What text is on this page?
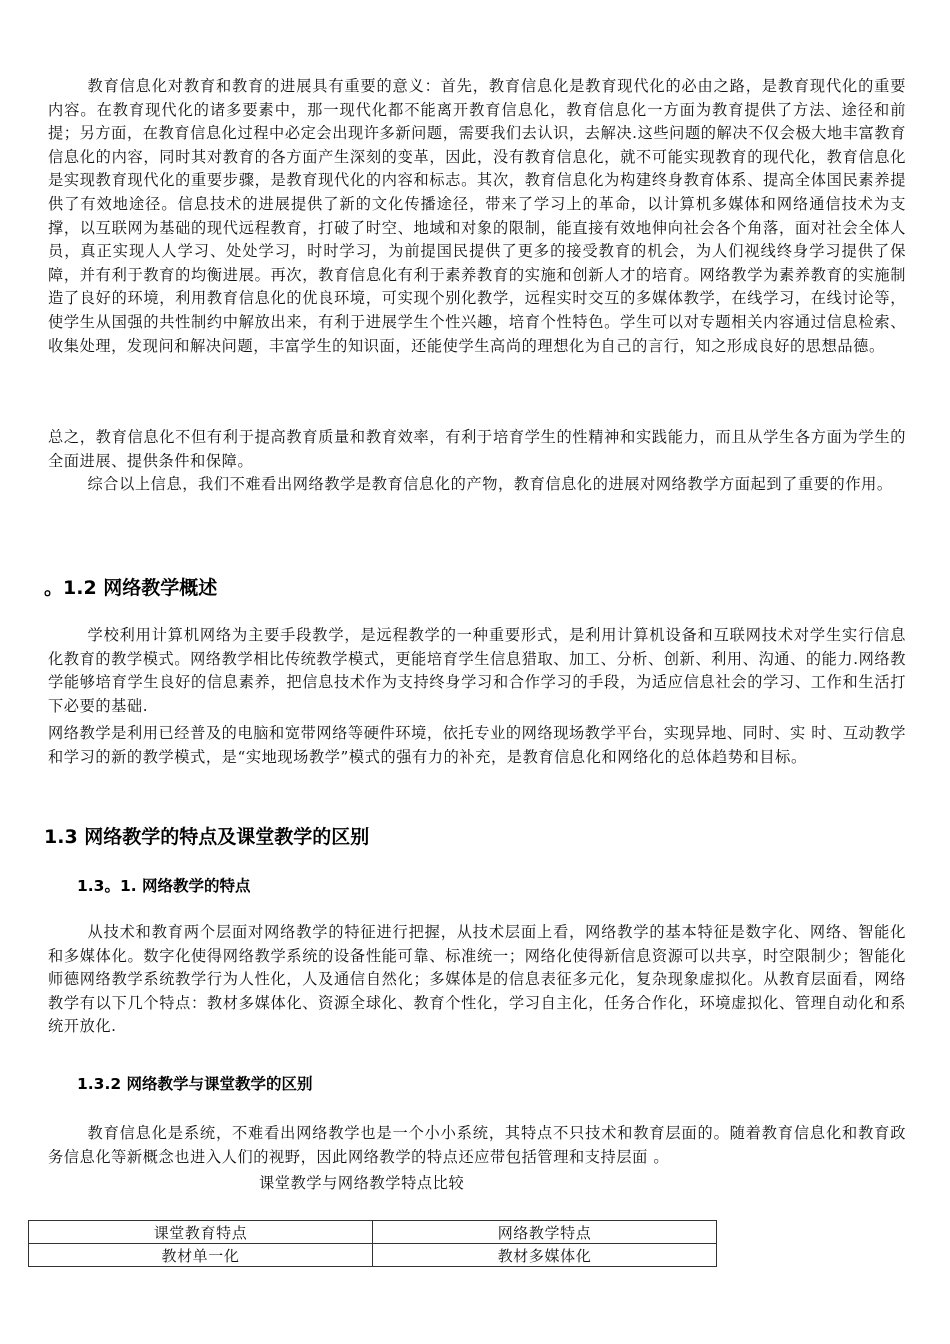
教育信息化对教育和教育的进展具有重要的意义：首先，教育信息化是教育现代化的必由之路，是教育现代化的重要内容。在教育现代化的诸多要素中，那一现代化都不能离开教育信息化，教育信息化一方面为教育提供了方法、途径和前提；另方面，在教育信息化过程中必定会出现许多新问题，需要我们去认识，去解决.这些问题的解决不仅会极大地丰富教育信息化的内容，同时其对教育的各方面产生深刻的变革，因此，没有教育信息化，就不可能实现教育的现代化，教育信息化是实现教育现代化的重要步骤，是教育现代化的内容和标志。其次，教育信息化为构建终身教育体系、提高全体国民素养提供了有效地途径。信息技术的进展提供了新的文化传播途径，带来了学习上的革命，以计算机多媒体和网络通信技术为支撑，以互联网为基础的现代远程教育，打破了时空、地域和对象的限制，能直接有效地伸向社会各个角落，面对社会全体人员，真正实现人人学习、处处学习，时时学习，为前提国民提供了更多的接受教育的机会，为人们视线终身学习提供了保障，并有利于教育的均衡进展。再次，教育信息化有利于素养教育的实施和创新人才的培育。网络教学为素养教育的实施制造了良好的环境，利用教育信息化的优良环境，可实现个别化教学，远程实时交互的多媒体教学，在线学习，在线讨论等，使学生从国强的共性制约中解放出来，有利于进展学生个性兴趣，培育个性特色。学生可以对专题相关内容通过信息检索、收集处理，发现问和解决问题，丰富学生的知识面，还能使学生高尚的理想化为自己的言行，知之形成良好的思想品德。

总之，教育信息化不但有利于提高教育质量和教育效率，有利于培育学生的性精神和实践能力，而且从学生各方面为学生的全面进展、提供条件和保障。

综合以上信息，我们不难看出网络教学是教育信息化的产物，教育信息化的进展对网络教学方面起到了重要的作用。

。1.2 网络教学概述

学校利用计算机网络为主要手段教学，是远程教学的一种重要形式，是利用计算机设备和互联网技术对学生实行信息化教育的教学模式。网络教学相比传统教学模式，更能培育学生信息猎取、加工、分析、创新、利用、沟通、的能力.网络教学能够培育学生良好的信息素养，把信息技术作为支持终身学习和合作学习的手段，为适应信息社会的学习、工作和生活打下必要的基础.

网络教学是利用已经普及的电脑和宽带网络等硬件环境，依托专业的网络现场教学平台，实现异地、同时、实 时、互动教学和学习的新的教学模式，是“实地现场教学”模式的强有力的补充，是教育信息化和网络化的总体趋势和目标。

1.3 网络教学的特点及课堂教学的区别
1.3。1. 网络教学的特点

从技术和教育两个层面对网络教学的特征进行把握，从技术层面上看，网络教学的基本特征是数字化、网络、智能化和多媒体化。数字化使得网络教学系统的设备性能可靠、标准统一；网络化使得新信息资源可以共享，时空限制少；智能化师德网络教学系统教学行为人性化，人及通信自然化；多媒体是的信息表征多元化，复杂现象虚拟化。从教育层面看，网络教学有以下几个特点：教材多媒体化、资源全球化、教育个性化，学习自主化，任务合作化，环境虚拟化、管理自动化和系统开放化.

1.3.2 网络教学与课堂教学的区别

教育信息化是系统，不难看出网络教学也是一个小小系统，其特点不只技术和教育层面的。随着教育信息化和教育政务信息化等新概念也进入人们的视野，因此网络教学的特点还应带包括管理和支持层面 。

课堂教学与网络教学特点比较

课堂教育特点	网络教学特点
教材单一化	教材多媒体化
